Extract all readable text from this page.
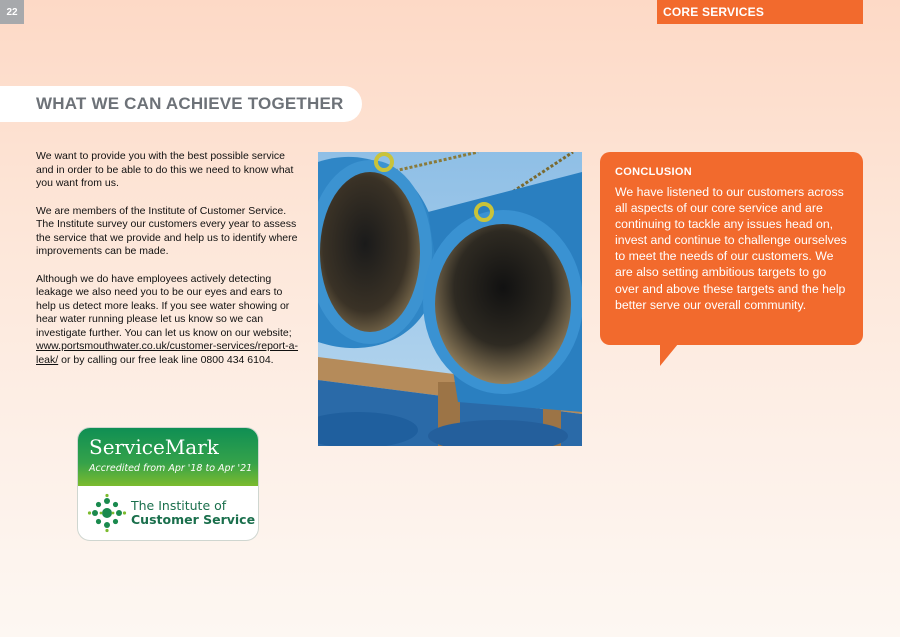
22	CORE SERVICES
WHAT WE CAN ACHIEVE TOGETHER

We want to provide you with the best possible service and in order to be able to do this we need to know what you want from us.

We are members of the Institute of Customer Service. The Institute survey our customers every year to assess the service that we provide and help us to identify where improvements can be made.

Although we do have employees actively detecting leakage we also need you to be our eyes and ears to help us detect more leaks. If you see water showing or hear water running please let us know so we can investigate further. You can let us know on our website; www.portsmouthwater.co.uk/customer-services/report-a-leak/ or by calling our free leak line 0800 434 6104.

CONCLUSION
We have listened to our customers across all aspects of our core service and are continuing to tackle any issues head on, invest and continue to challenge ourselves to meet the needs of our customers. We are also setting ambitious targets to go over and above these targets and the help better serve our overall community.
ServiceMark
Accredited from Apr '18 to Apr '21
The Institute of
Customer Service
